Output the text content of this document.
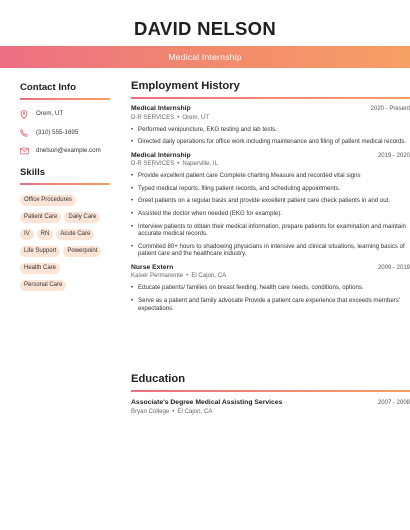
DAVID NELSON
Medical Internship
Contact Info
Orem, UT
(310) 555-1695
dnelson@example.com
Skills
Office Procedures
Patient Care	Daily Care
IV	RN	Acute Care
Life Support	Powerpoint
Health Care
Personal Care
Employment History
Medical Internship	2020 - Present
D-R SERVICES • Orem, UT
• Performed venipuncture, EKG testing and lab tests.
• Directed daily operations for office work including maintenance and filing of patient medical records.
Medical Internship	2019 - 2020
D-R SERVICES • Naperville, IL
• Provide excellent patient care Complete charting Measure and recorded vital signs
• Typed medical reports, filing patient records, and scheduling appointments.
• Greet patients on a regular basis and provide excellent patient care check patients in and out.
• Assisted the doctor when needed (EKG for example).
• Interview patients to obtain their medical information, prepare patients for examination and maintain accurate medical records.
• Commited 80+ hours to shadowing physicians in intensive and clinical situations, learning basics of patient care and the healthcare industry.
Nurse Extern	2009 - 2019
Kaiser Permanente • El Cajon, CA
• Educate patients/ families on breast feeding, health care needs, conditions, options.
• Serve as a patient and family advocate Provide a patient care experience that exceeds members' expectations.
Education
Associate's Degree Medical Assisting Services	2007 - 2008
Bryan College • El Cajon, CA
